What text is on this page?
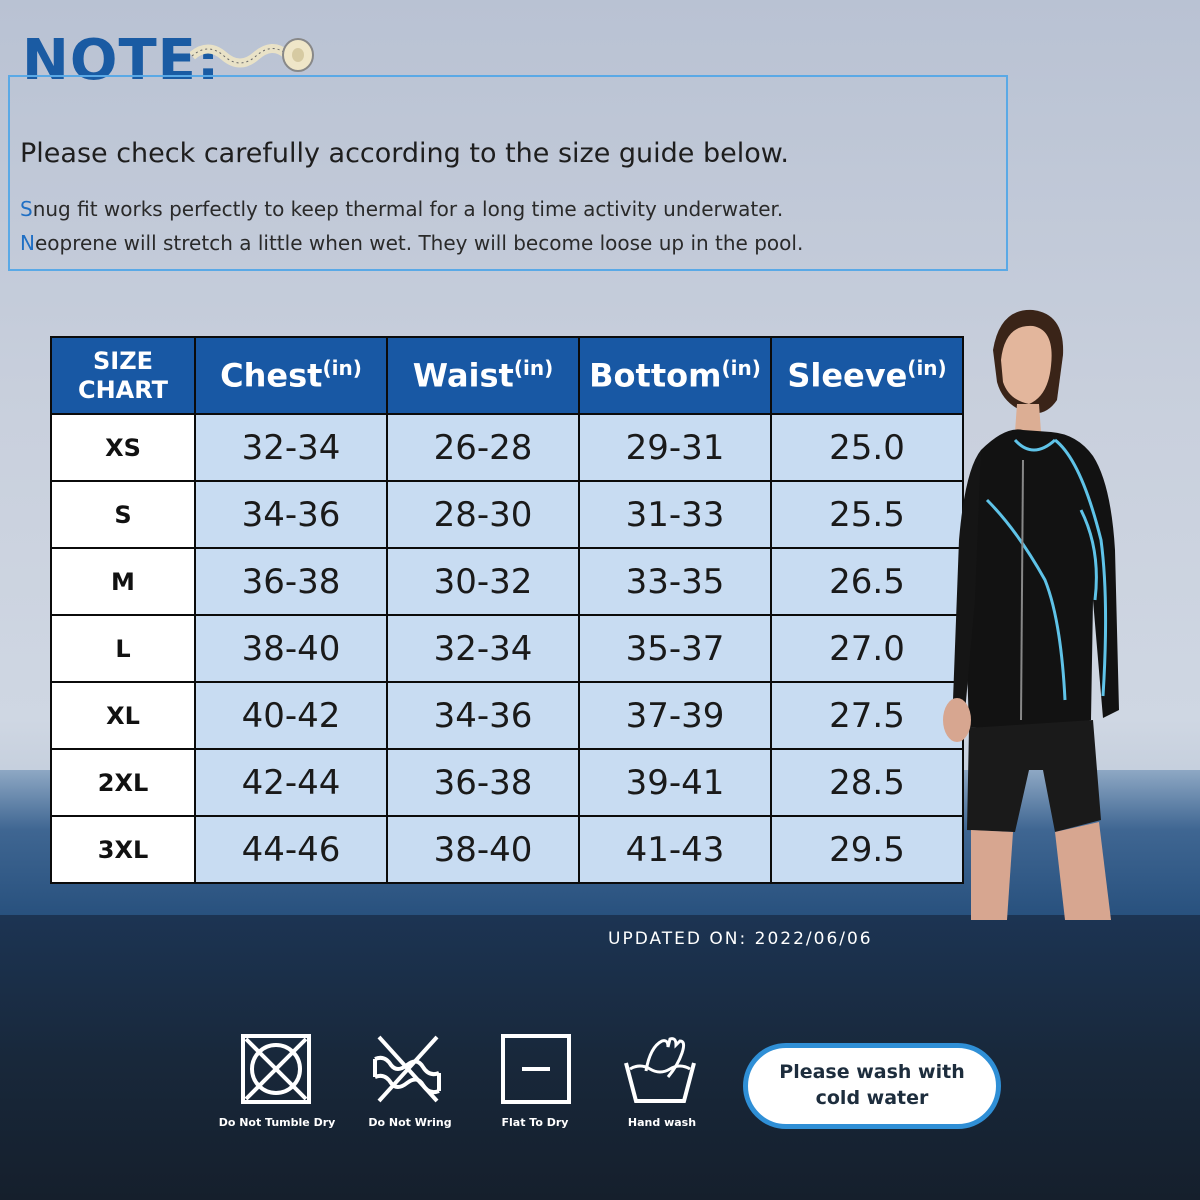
NOTE:

Please check carefully according to the size guide below.

Snug fit works perfectly to keep thermal for a long time activity underwater.

Neoprene will stretch a little when wet. They will become loose up in the pool.

SIZE
CHART	Chest$^{(in)}$	Waist$^{(in)}$	Bottom$^{(in)}$	Sleeve$^{(in)}$
XS	32-34	26-28	29-31	25.0
S	34-36	28-30	31-33	25.5
M	36-38	30-32	33-35	26.5
L	38-40	32-34	35-37	27.0
XL	40-42	34-36	37-39	27.5
2XL	42-44	36-38	39-41	28.5
3XL	44-46	38-40	41-43	29.5

UPDATED ON: 2022/06/06

Do Not Tumble Dry	Do Not Wring	Flat To Dry	Hand wash

Please wash with cold water
